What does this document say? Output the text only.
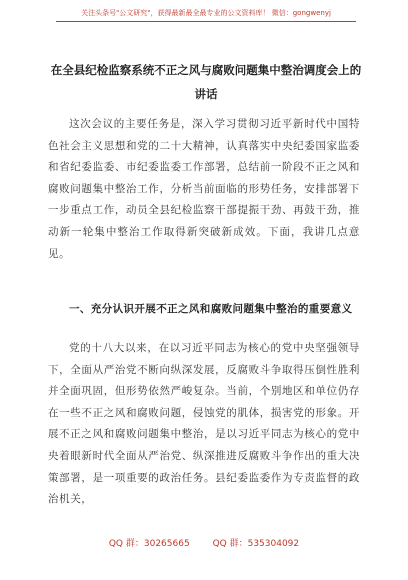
关注头条号"公文研究"，获得最新最全最专业的公文资料库！ 微信：gongwenyj
在全县纪检监察系统不正之风与腐败问题集中整治调度会上的讲话
这次会议的主要任务是，深入学习贯彻习近平新时代中国特色社会主义思想和党的二十大精神，认真落实中央纪委国家监委和省纪委监委、市纪委监委工作部署，总结前一阶段不正之风和腐败问题集中整治工作，分析当前面临的形势任务，安排部署下一步重点工作，动员全县纪检监察干部提振干劲、再鼓干劲，推动新一轮集中整治工作取得新突破新成效。下面，我讲几点意见。
一、充分认识开展不正之风和腐败问题集中整治的重要意义
党的十八大以来，在以习近平同志为核心的党中央坚强领导下，全面从严治党不断向纵深发展，反腐败斗争取得压倒性胜利并全面巩固，但形势依然严峻复杂。当前，个别地区和单位仍存在一些不正之风和腐败问题，侵蚀党的肌体，损害党的形象。开展不正之风和腐败问题集中整治，是以习近平同志为核心的党中央着眼新时代全面从严治党、纵深推进反腐败斗争作出的重大决策部署，是一项重要的政治任务。县纪委监委作为专责监督的政治机关，
QQ 群：30265665	QQ 群：535304092
